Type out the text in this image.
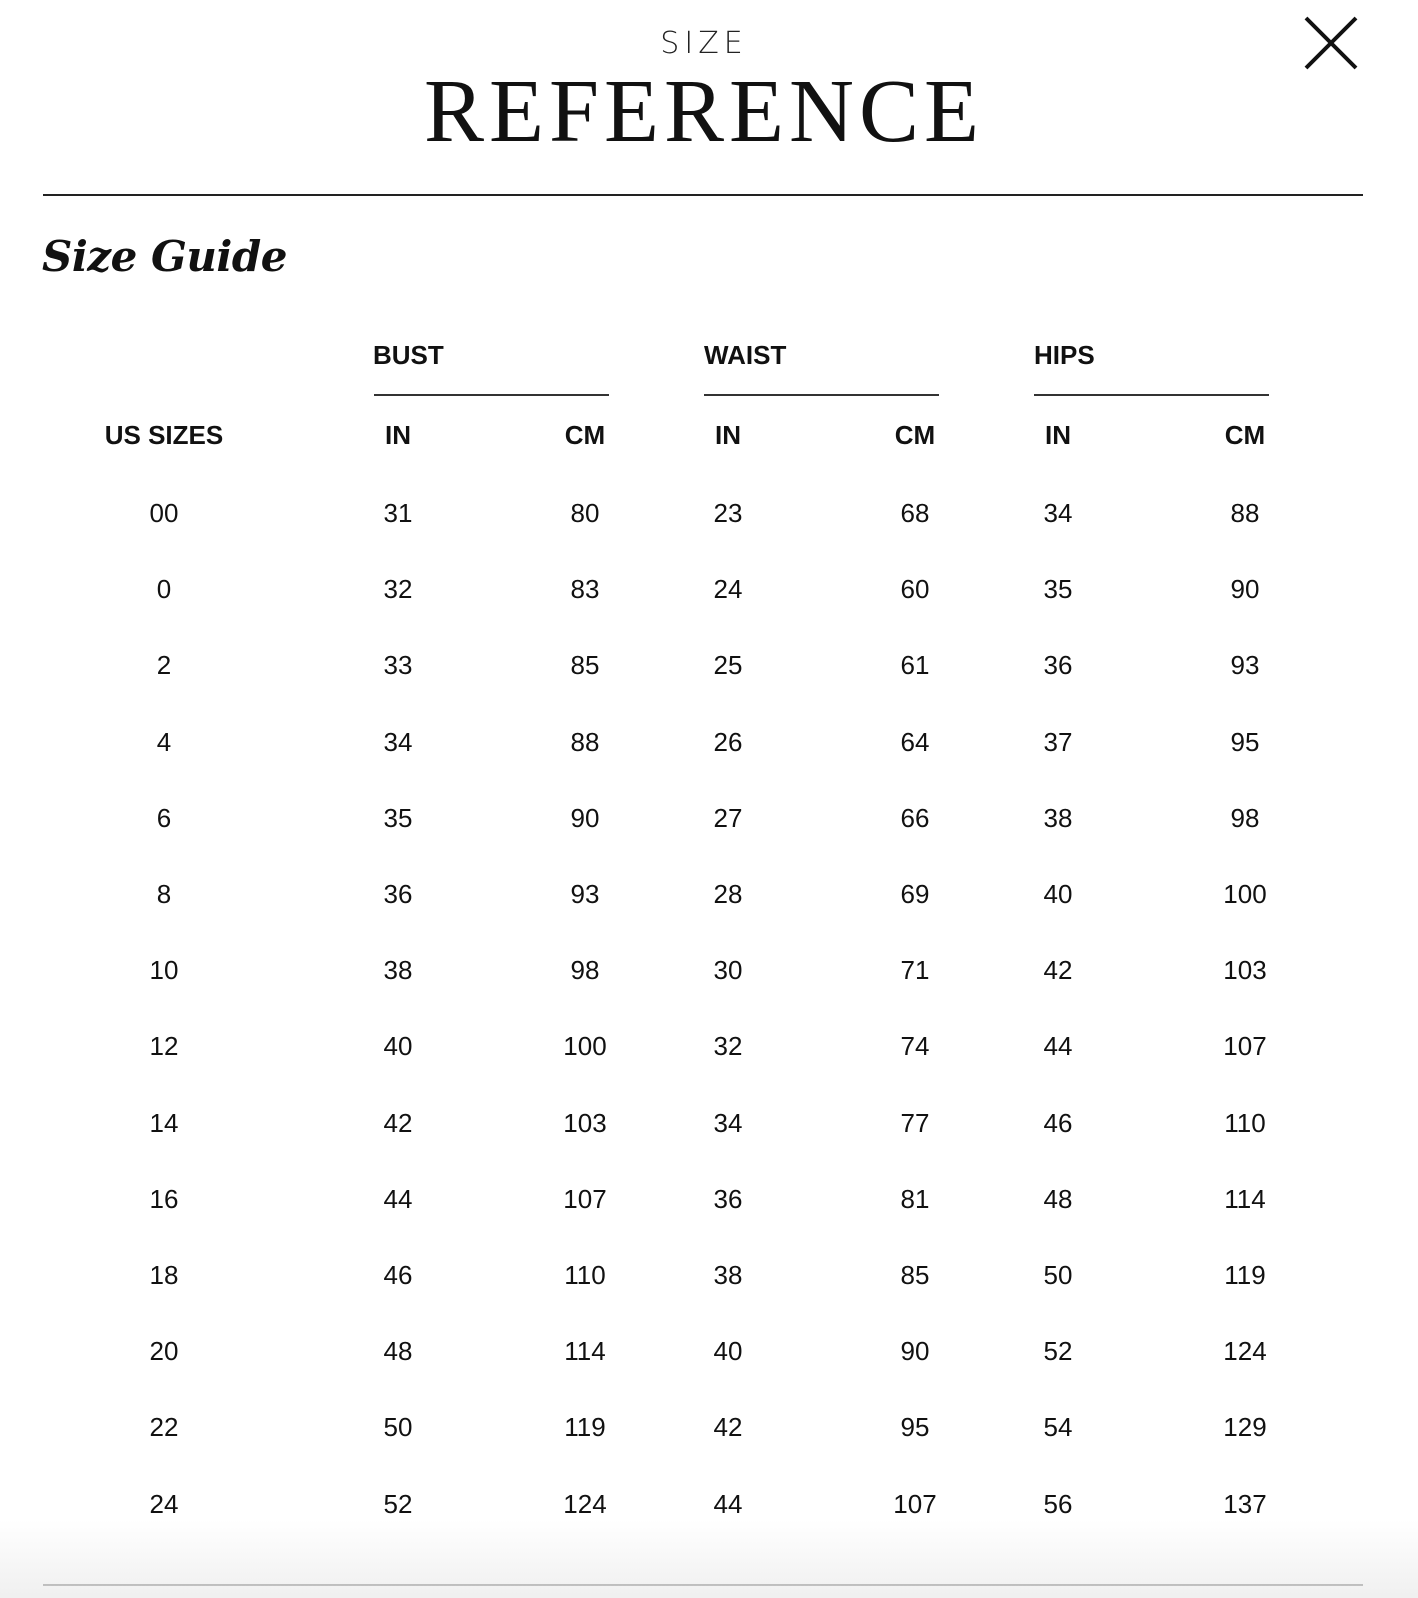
SIZE
REFERENCE
Size Guide
BUST	WAIST	HIPS
US SIZES	IN	CM	IN	CM	IN	CM
00	31	80	23	68	34	88
0	32	83	24	60	35	90
2	33	85	25	61	36	93
4	34	88	26	64	37	95
6	35	90	27	66	38	98
8	36	93	28	69	40	100
10	38	98	30	71	42	103
12	40	100	32	74	44	107
14	42	103	34	77	46	110
16	44	107	36	81	48	114
18	46	110	38	85	50	119
20	48	114	40	90	52	124
22	50	119	42	95	54	129
24	52	124	44	107	56	137
